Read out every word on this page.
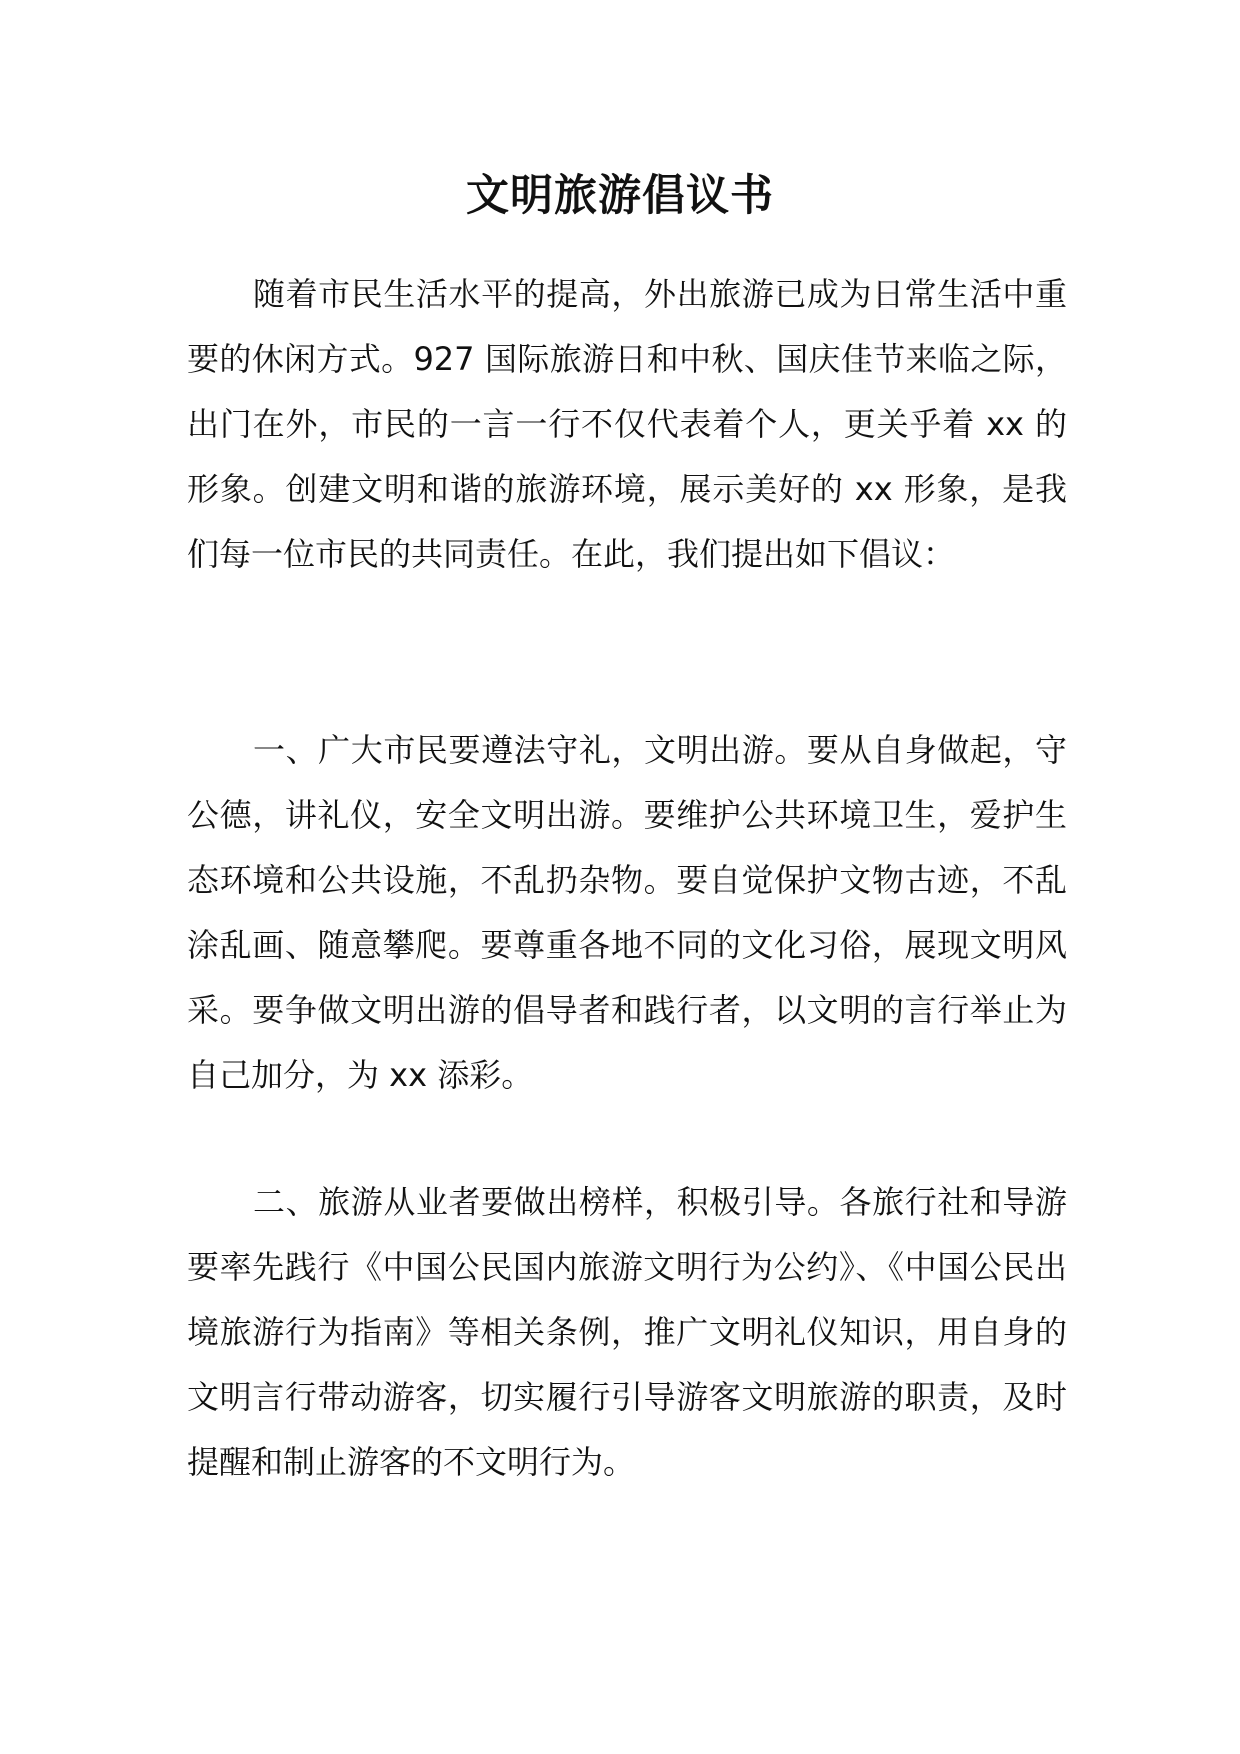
文明旅游倡议书

随着市民生活水平的提高，外出旅游已成为日常生活中重要的休闲方式。927 国际旅游日和中秋、国庆佳节来临之际，出门在外，市民的一言一行不仅代表着个人，更关乎着 xx 的形象。创建文明和谐的旅游环境，展示美好的 xx 形象，是我们每一位市民的共同责任。在此，我们提出如下倡议：

一、广大市民要遵法守礼，文明出游。要从自身做起，守公德，讲礼仪，安全文明出游。要维护公共环境卫生，爱护生态环境和公共设施，不乱扔杂物。要自觉保护文物古迹，不乱涂乱画、随意攀爬。要尊重各地不同的文化习俗，展现文明风采。要争做文明出游的倡导者和践行者，以文明的言行举止为自己加分，为 xx 添彩。

二、旅游从业者要做出榜样，积极引导。各旅行社和导游要率先践行《中国公民国内旅游文明行为公约》、《中国公民出境旅游行为指南》等相关条例，推广文明礼仪知识，用自身的文明言行带动游客，切实履行引导游客文明旅游的职责，及时提醒和制止游客的不文明行为。
